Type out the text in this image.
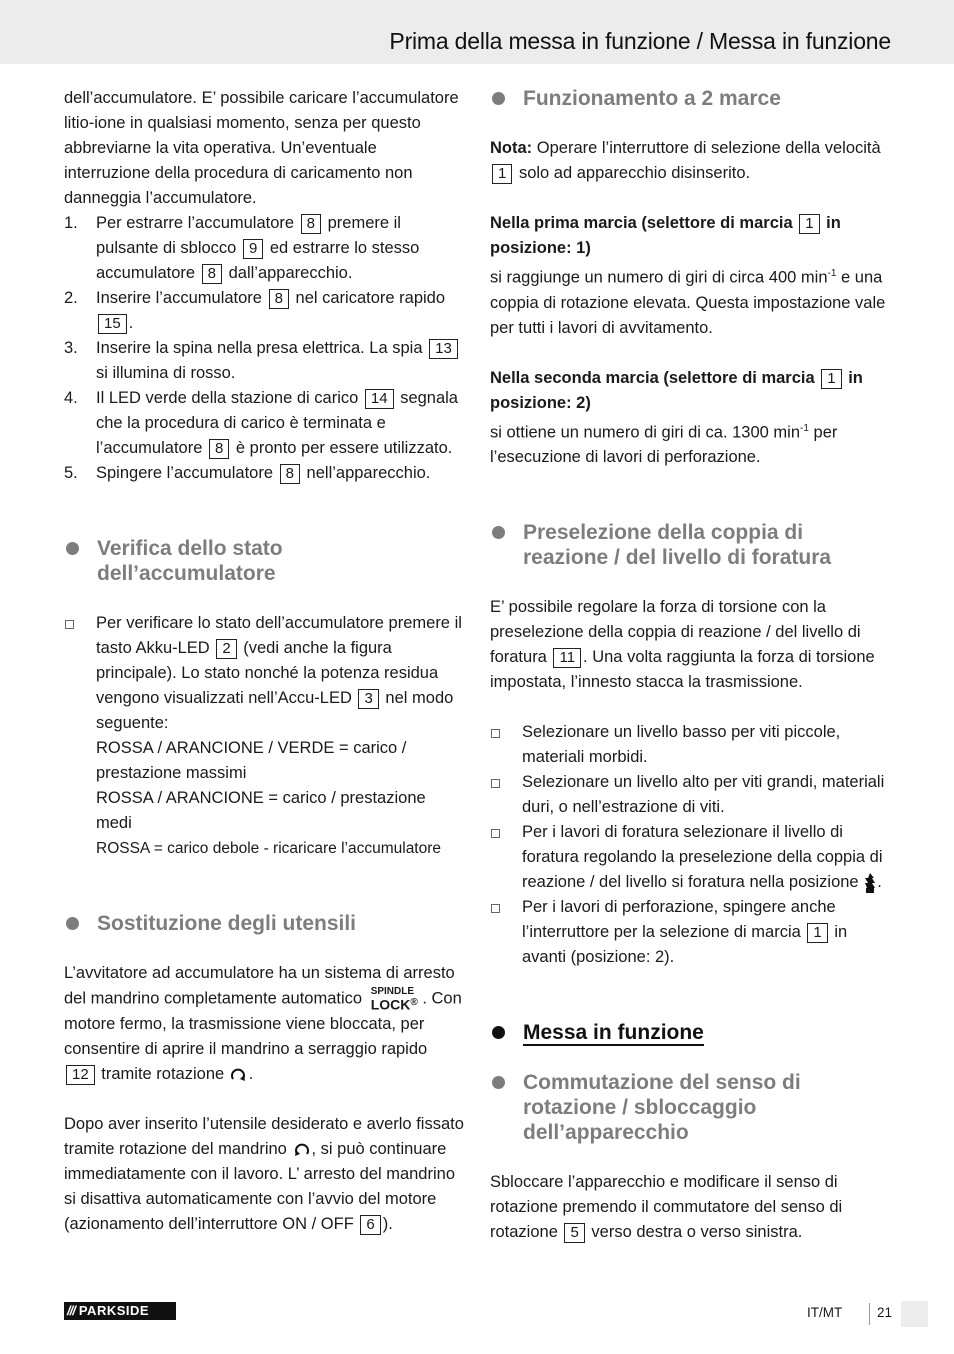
Prima della messa in funzione / Messa in funzione

dell’accumulatore. E’ possibile caricare l’accumulatore litio-ione in qualsiasi momento, senza per questo abbreviarne la vita operativa. Un’eventuale interruzione della procedura di caricamento non danneggia l’accumulatore.

1. Per estrarre l’accumulatore 8 premere il pulsante di sblocco 9 ed estrarre lo stesso accumulatore 8 dall’apparecchio.
2. Inserire l’accumulatore 8 nel caricatore rapido 15 .
3. Inserire la spina nella presa elettrica. La spia 13 si illumina di rosso.
4. Il LED verde della stazione di carico 14 segnala che la procedura di carico è terminata e l’accumulatore 8 è pronto per essere utilizzato.
5. Spingere l’accumulatore 8 nell’apparecchio.
Verifica dello stato dell’accumulatore
Per verificare lo stato dell’accumulatore premere il tasto Akku-LED 2 (vedi anche la figura principale). Lo stato nonché la potenza residua vengono visualizzati nell’Accu-LED 3 nel modo seguente:
ROSSA / ARANCIONE / VERDE = carico / prestazione massimi
ROSSA / ARANCIONE = carico / prestazione medi
ROSSA = carico debole - ricaricare l’accumulatore
Sostituzione degli utensili

L’avvitatore ad accumulatore ha un sistema di arresto del mandrino completamente automatico SPINDLE
LOCK® . Con motore fermo, la trasmissione viene bloccata, per consentire di aprire il mandrino a serraggio rapido 12 tramite rotazione .

Dopo aver inserito l’utensile desiderato e averlo fissato tramite rotazione del mandrino , si può continuare immediatamente con il lavoro. L’ arresto del mandrino si disattiva automaticamente con l’avvio del motore (azionamento dell’interruttore ON / OFF 6 ).

Funzionamento a 2 marce

Nota: Operare l’interruttore di selezione della velocità 1 solo ad apparecchio disinserito.

Nella prima marcia (selettore di marcia 1 in posizione: 1)

si raggiunge un numero di giri di circa 400 $\min^{-1} e$ una coppia di rotazione elevata. Questa impostazione vale per tutti i lavori di avvitamento.

Nella seconda marcia (selettore di marcia 1 in posizione: 2)

si ottiene un numero di giri di ca. 1300 $\min^{-1}$ per l’esecuzione di lavori di perforazione.

Preselezione della coppia di reazione / del livello di foratura

E’ possibile regolare la forza di torsione con la preselezione della coppia di reazione / del livello di foratura 11 . Una volta raggiunta la forza di torsione impostata, l’innesto stacca la trasmissione.

Selezionare un livello basso per viti piccole, materiali morbidi.
Selezionare un livello alto per viti grandi, materiali duri, o nell’estrazione di viti.
Per i lavori di foratura selezionare il livello di foratura regolando la preselezione della coppia di reazione / del livello si foratura nella posizione .
Per i lavori di perforazione, spingere anche l’interruttore per la selezione di marcia 1 in avanti (posizione: 2).
Messa in funzione
Commutazione del senso di rotazione / sbloccaggio dell’apparecchio

Sbloccare l’apparecchio e modificare il senso di rotazione premendo il commutatore del senso di rotazione 5 verso destra o verso sinistra.

/// PARKSIDE	IT/MT	21
